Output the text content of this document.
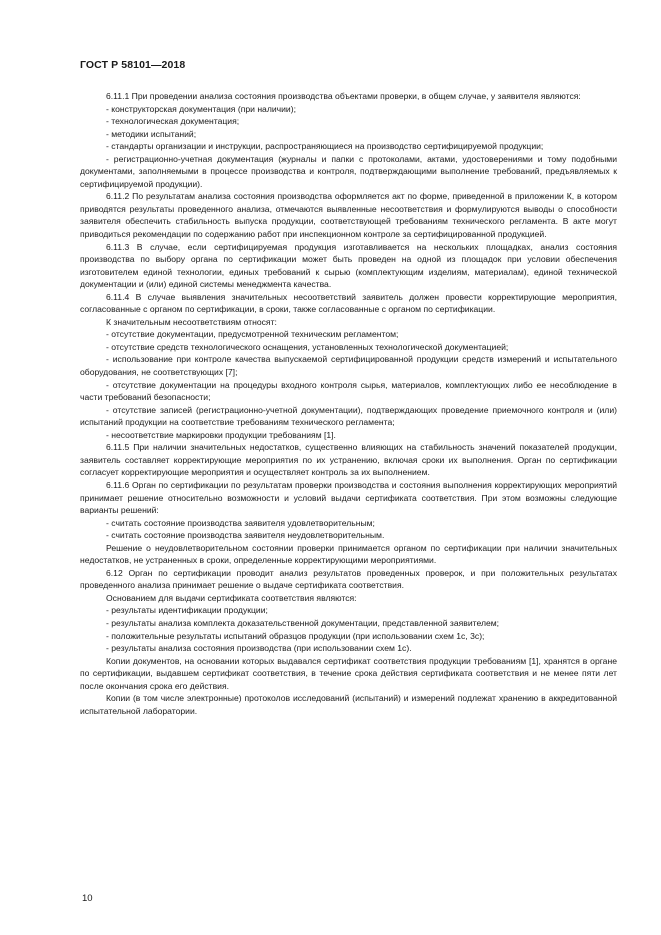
ГОСТ Р 58101—2018

6.11.1 При проведении анализа состояния производства объектами проверки, в общем случае, у заявителя являются:

- конструкторская документация (при наличии);

- технологическая документация;

- методики испытаний;

- стандарты организации и инструкции, распространяющиеся на производство сертифицируемой продукции;

- регистрационно-учетная документация (журналы и папки с протоколами, актами, удостоверениями и тому подобными документами, заполняемыми в процессе производства и контроля, подтверждающими выполнение требований, предъявляемых к сертифицируемой продукции).

6.11.2 По результатам анализа состояния производства оформляется акт по форме, приведенной в приложении К, в котором приводятся результаты проведенного анализа, отмечаются выявленные несоответствия и формулируются выводы о способности заявителя обеспечить стабильность выпуска продукции, соответствующей требованиям технического регламента. В акте могут приводиться рекомендации по содержанию работ при инспекционном контроле за сертифицированной продукцией.

6.11.3 В случае, если сертифицируемая продукция изготавливается на нескольких площадках, анализ состояния производства по выбору органа по сертификации может быть проведен на одной из площадок при условии обеспечения изготовителем единой технологии, единых требований к сырью (комплектующим изделиям, материалам), единой технической документации и (или) единой системы менеджмента качества.

6.11.4 В случае выявления значительных несоответствий заявитель должен провести корректирующие мероприятия, согласованные с органом по сертификации, в сроки, также согласованные с органом по сертификации.

К значительным несоответствиям относят:

- отсутствие документации, предусмотренной техническим регламентом;

- отсутствие средств технологического оснащения, установленных технологической документацией;

- использование при контроле качества выпускаемой сертифицированной продукции средств измерений и испытательного оборудования, не соответствующих [7];

- отсутствие документации на процедуры входного контроля сырья, материалов, комплектующих либо ее несоблюдение в части требований безопасности;

- отсутствие записей (регистрационно-учетной документации), подтверждающих проведение приемочного контроля и (или) испытаний продукции на соответствие требованиям технического регламента;

- несоответствие маркировки продукции требованиям [1].

6.11.5 При наличии значительных недостатков, существенно влияющих на стабильность значений показателей продукции, заявитель составляет корректирующие мероприятия по их устранению, включая сроки их выполнения. Орган по сертификации согласует корректирующие мероприятия и осуществляет контроль за их выполнением.

6.11.6 Орган по сертификации по результатам проверки производства и состояния выполнения корректирующих мероприятий принимает решение относительно возможности и условий выдачи сертификата соответствия. При этом возможны следующие варианты решений:

- считать состояние производства заявителя удовлетворительным;

- считать состояние производства заявителя неудовлетворительным.

Решение о неудовлетворительном состоянии проверки принимается органом по сертификации при наличии значительных недостатков, не устраненных в сроки, определенные корректирующими мероприятиями.

6.12 Орган по сертификации проводит анализ результатов проведенных проверок, и при положительных результатах проведенного анализа принимает решение о выдаче сертификата соответствия.

Основанием для выдачи сертификата соответствия являются:

- результаты идентификации продукции;

- результаты анализа комплекта доказательственной документации, представленной заявителем;

- положительные результаты испытаний образцов продукции (при использовании схем 1с, 3с);

- результаты анализа состояния производства (при использовании схем 1с).

Копии документов, на основании которых выдавался сертификат соответствия продукции требованиям [1], хранятся в органе по сертификации, выдавшем сертификат соответствия, в течение срока действия сертификата соответствия и не менее пяти лет после окончания срока его действия.

Копии (в том числе электронные) протоколов исследований (испытаний) и измерений подлежат хранению в аккредитованной испытательной лаборатории.

10
